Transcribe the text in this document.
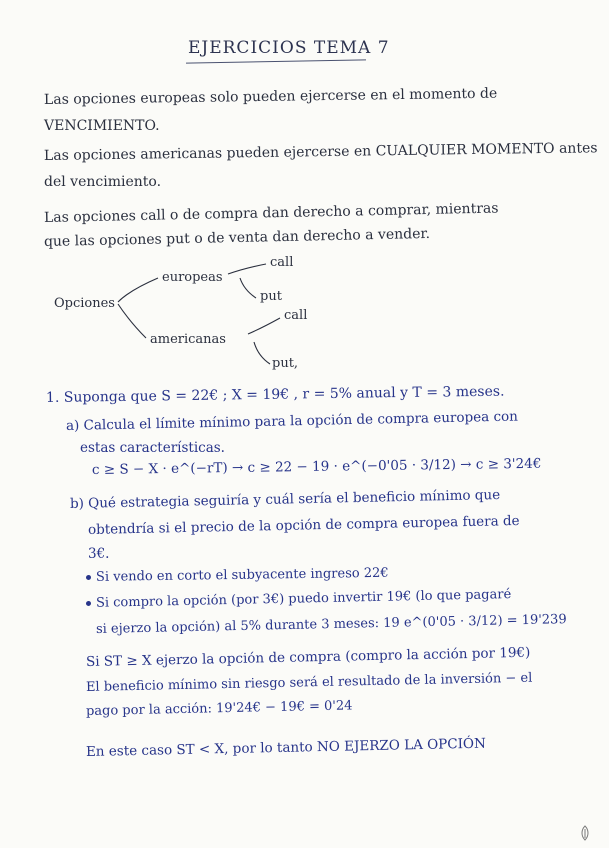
EJERCICIOS TEMA 7
Las opciones europeas solo pueden ejercerse en el momento de
VENCIMIENTO.
Las opciones americanas pueden ejercerse en CUALQUIER MOMENTO antes
del vencimiento.
Las opciones call o de compra dan derecho a comprar, mientras
que las opciones put o de venta dan derecho a vender.
Opciones
europeas
call
put
americanas
call
put,
1. Suponga que S = 22€ ; X = 19€ , r = 5% anual y T = 3 meses.
a) Calcula el límite mínimo para la opción de compra europea con
estas características.
c ≥ S − X · e^(−rT) → c ≥ 22 − 19 · e^(−0'05 · 3/12) → c ≥ 3'24€
b) Qué estrategia seguiría y cuál sería el beneficio mínimo que
obtendría si el precio de la opción de compra europea fuera de
3€.
Si vendo en corto el subyacente ingreso 22€
Si compro la opción (por 3€) puedo invertir 19€ (lo que pagaré
si ejerzo la opción) al 5% durante 3 meses: 19 e^(0'05 · 3/12) = 19'239
Si ST ≥ X ejerzo la opción de compra (compro la acción por 19€)
El beneficio mínimo sin riesgo será el resultado de la inversión − el
pago por la acción: 19'24€ − 19€ = 0'24
En este caso ST < X, por lo tanto NO EJERZO LA OPCIÓN
